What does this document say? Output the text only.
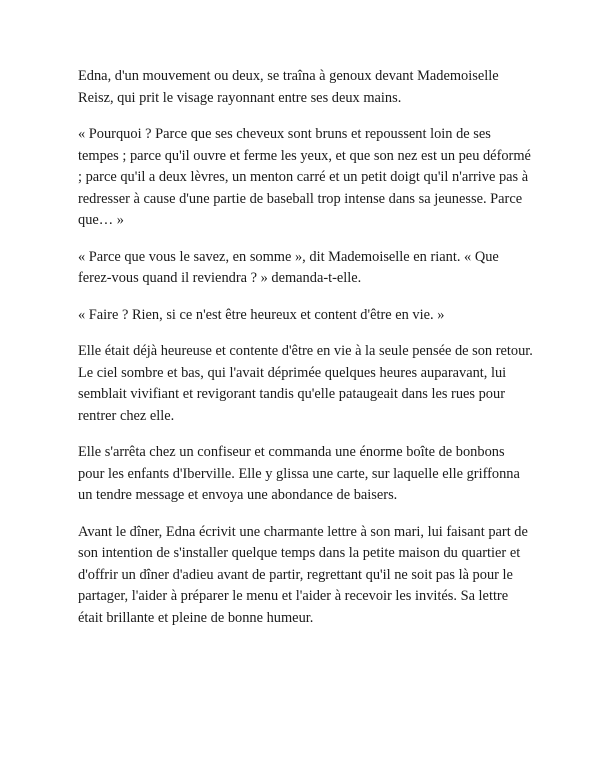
Edna, d'un mouvement ou deux, se traîna à genoux devant Mademoiselle Reisz, qui prit le visage rayonnant entre ses deux mains.

« Pourquoi ? Parce que ses cheveux sont bruns et repoussent loin de ses tempes ; parce qu'il ouvre et ferme les yeux, et que son nez est un peu déformé ; parce qu'il a deux lèvres, un menton carré et un petit doigt qu'il n'arrive pas à redresser à cause d'une partie de baseball trop intense dans sa jeunesse. Parce que… »

« Parce que vous le savez, en somme », dit Mademoiselle en riant. « Que ferez-vous quand il reviendra ? » demanda-t-elle.

« Faire ? Rien, si ce n'est être heureux et content d'être en vie. »

Elle était déjà heureuse et contente d'être en vie à la seule pensée de son retour. Le ciel sombre et bas, qui l'avait déprimée quelques heures auparavant, lui semblait vivifiant et revigorant tandis qu'elle pataugeait dans les rues pour rentrer chez elle.

Elle s'arrêta chez un confiseur et commanda une énorme boîte de bonbons pour les enfants d'Iberville. Elle y glissa une carte, sur laquelle elle griffonna un tendre message et envoya une abondance de baisers.

Avant le dîner, Edna écrivit une charmante lettre à son mari, lui faisant part de son intention de s'installer quelque temps dans la petite maison du quartier et d'offrir un dîner d'adieu avant de partir, regrettant qu'il ne soit pas là pour le partager, l'aider à préparer le menu et l'aider à recevoir les invités. Sa lettre était brillante et pleine de bonne humeur.
